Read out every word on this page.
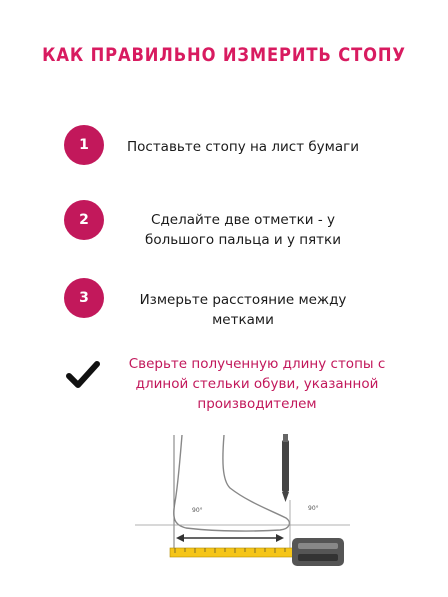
КАК ПРАВИЛЬНО ИЗМЕРИТЬ СТОПУ
1	Поставьте стопу на лист бумаги
2	Сделайте две отметки - у большого пальца и у пятки
3	Измерьте расстояние между метками
Сверьте полученную длину стопы с длиной стельки обуви, указанной производителем
90°	90°
